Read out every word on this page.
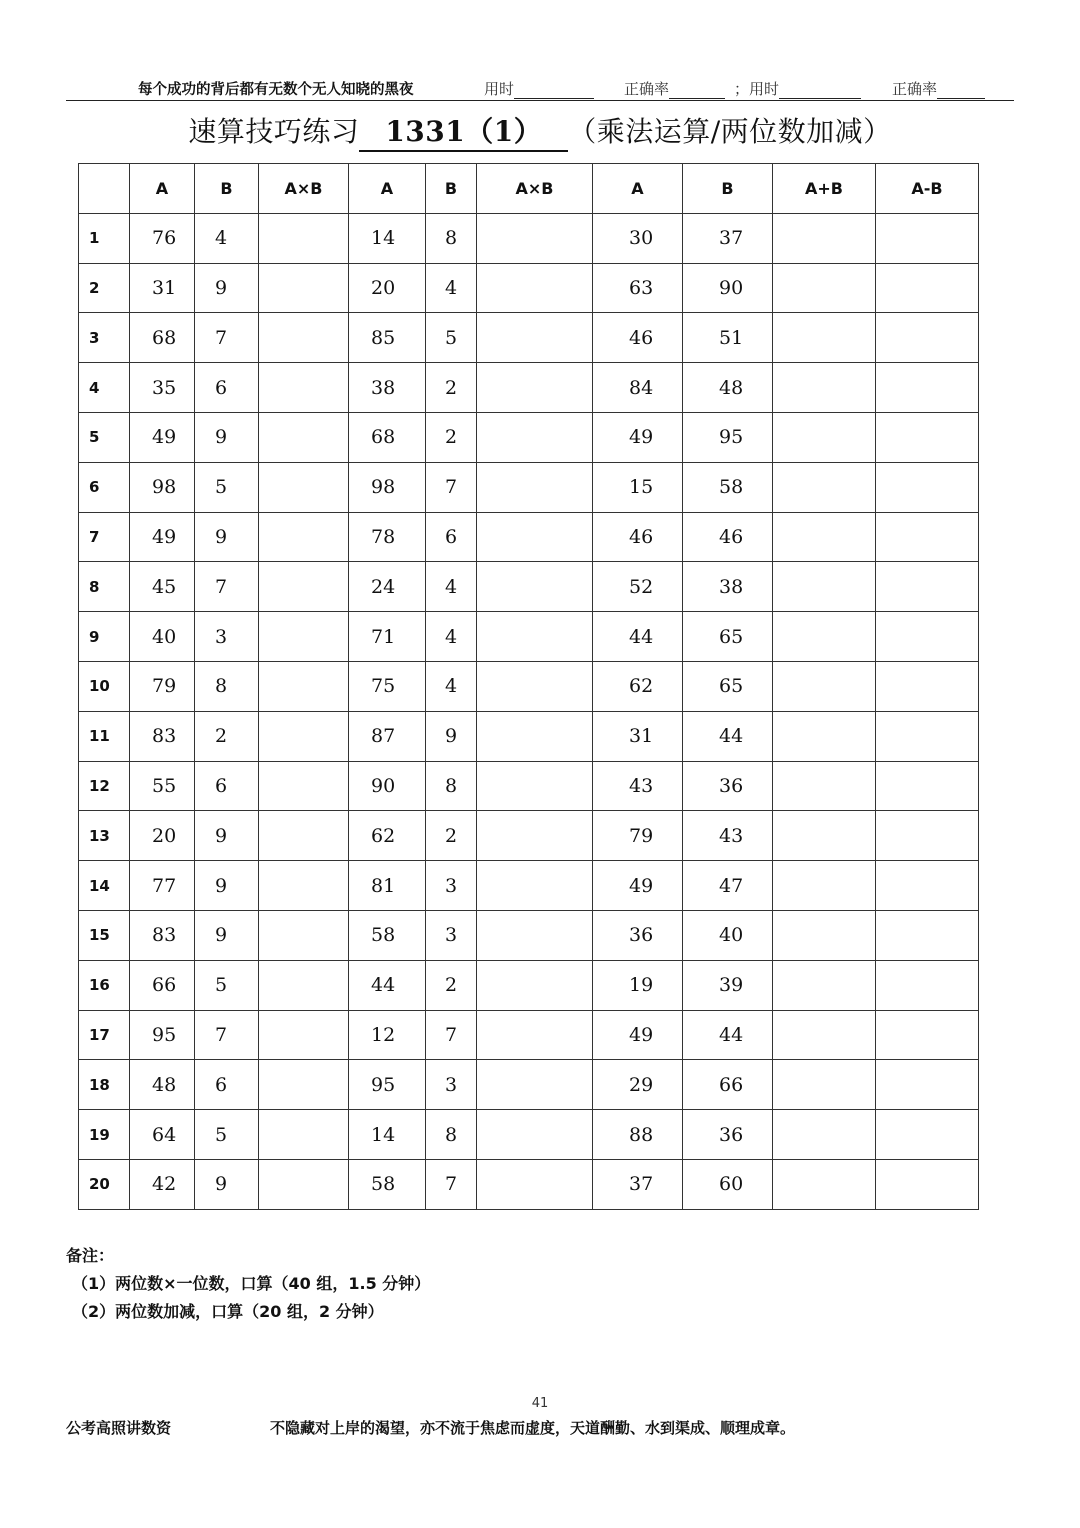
每个成功的背后都有无数个无人知晓的黑夜	用时	正确率	；用时	正确率
速算技巧练习 1331（1） （乘法运算/两位数加减）
	A	B	A×B	A	B	A×B	A	B	A+B	A-B
1	76	4		14	8		30	37		
2	31	9		20	4		63	90		
3	68	7		85	5		46	51		
4	35	6		38	2		84	48		
5	49	9		68	2		49	95		
6	98	5		98	7		15	58		
7	49	9		78	6		46	46		
8	45	7		24	4		52	38		
9	40	3		71	4		44	65		
10	79	8		75	4		62	65		
11	83	2		87	9		31	44		
12	55	6		90	8		43	36		
13	20	9		62	2		79	43		
14	77	9		81	3		49	47		
15	83	9		58	3		36	40		
16	66	5		44	2		19	39		
17	95	7		12	7		49	44		
18	48	6		95	3		29	66		
19	64	5		14	8		88	36		
20	42	9		58	7		37	60		
备注：
（1）两位数×一位数，口算（40 组，1.5 分钟）
（2）两位数加减，口算（20 组，2 分钟）
41
公考高照讲数资	不隐藏对上岸的渴望，亦不流于焦虑而虚度，天道酬勤、水到渠成、顺理成章。
